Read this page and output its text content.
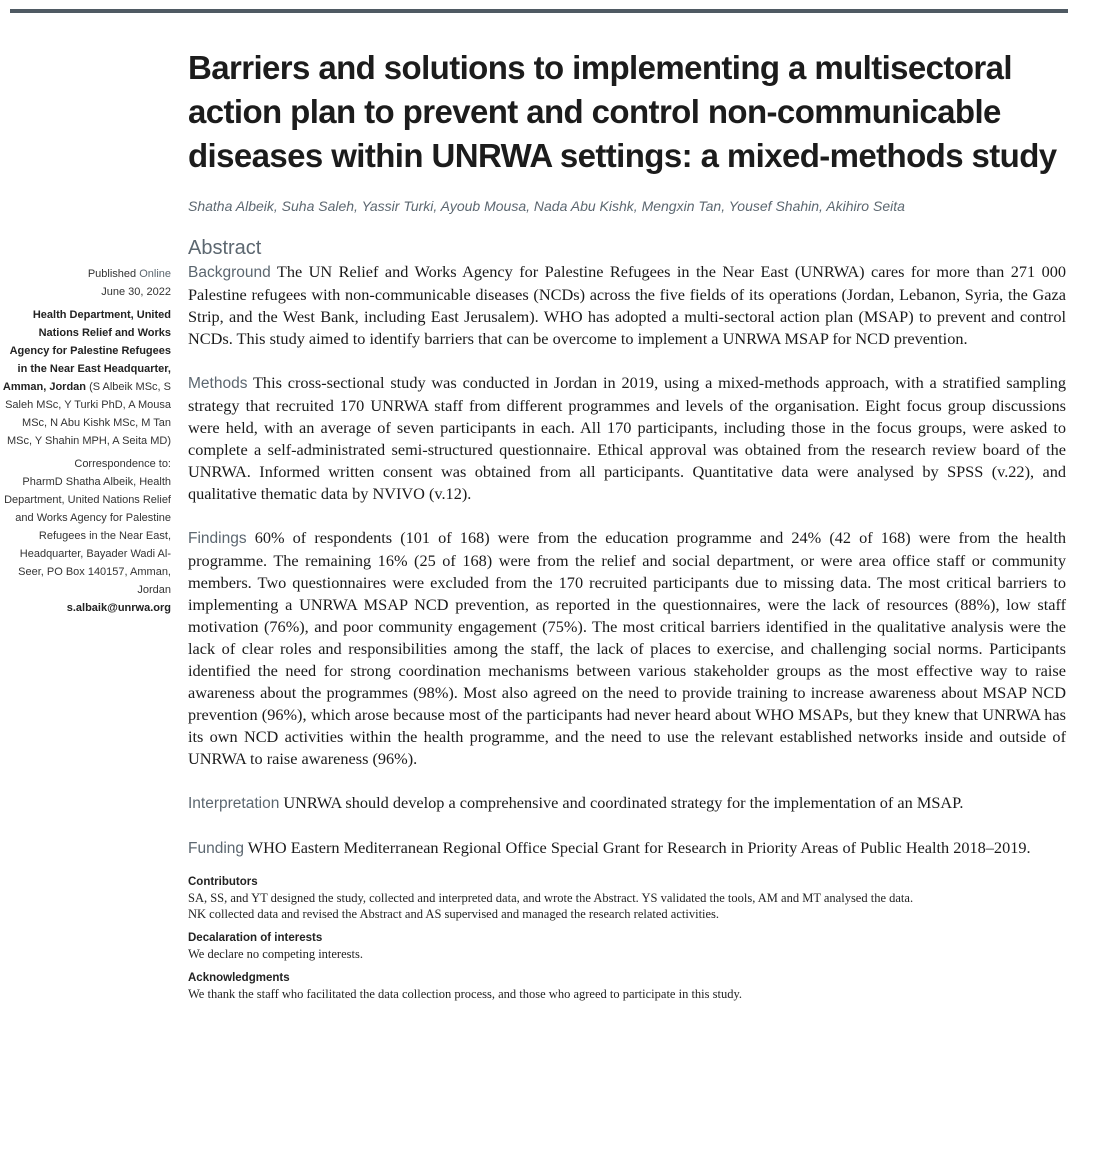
Barriers and solutions to implementing a multisectoral action plan to prevent and control non-communicable diseases within UNRWA settings: a mixed-methods study
Shatha Albeik, Suha Saleh, Yassir Turki, Ayoub Mousa, Nada Abu Kishk, Mengxin Tan, Yousef Shahin, Akihiro Seita
Abstract
Published Online
June 30, 2022
Health Department, United Nations Relief and Works Agency for Palestine Refugees in the Near East Headquarter, Amman, Jordan (S Albeik MSc, S Saleh MSc, Y Turki PhD, A Mousa MSc, N Abu Kishk MSc, M Tan MSc, Y Shahin MPH, A Seita MD)
Correspondence to:
PharmD Shatha Albeik, Health Department, United Nations Relief and Works Agency for Palestine Refugees in the Near East, Headquarter, Bayader Wadi Al-Seer, PO Box 140157, Amman, Jordan
s.albaik@unrwa.org

Background The UN Relief and Works Agency for Palestine Refugees in the Near East (UNRWA) cares for more than 271 000 Palestine refugees with non-communicable diseases (NCDs) across the five fields of its operations (Jordan, Lebanon, Syria, the Gaza Strip, and the West Bank, including East Jerusalem). WHO has adopted a multi-sectoral action plan (MSAP) to prevent and control NCDs. This study aimed to identify barriers that can be overcome to implement a UNRWA MSAP for NCD prevention.

Methods This cross-sectional study was conducted in Jordan in 2019, using a mixed-methods approach, with a stratified sampling strategy that recruited 170 UNRWA staff from different programmes and levels of the organisation. Eight focus group discussions were held, with an average of seven participants in each. All 170 participants, including those in the focus groups, were asked to complete a self-administrated semi-structured questionnaire. Ethical approval was obtained from the research review board of the UNRWA. Informed written consent was obtained from all participants. Quantitative data were analysed by SPSS (v.22), and qualitative thematic data by NVIVO (v.12).

Findings 60% of respondents (101 of 168) were from the education programme and 24% (42 of 168) were from the health programme. The remaining 16% (25 of 168) were from the relief and social department, or were area office staff or community members. Two questionnaires were excluded from the 170 recruited participants due to missing data. The most critical barriers to implementing a UNRWA MSAP NCD prevention, as reported in the questionnaires, were the lack of resources (88%), low staff motivation (76%), and poor community engagement (75%). The most critical barriers identified in the qualitative analysis were the lack of clear roles and responsibilities among the staff, the lack of places to exercise, and challenging social norms. Participants identified the need for strong coordination mechanisms between various stakeholder groups as the most effective way to raise awareness about the programmes (98%). Most also agreed on the need to provide training to increase awareness about MSAP NCD prevention (96%), which arose because most of the participants had never heard about WHO MSAPs, but they knew that UNRWA has its own NCD activities within the health programme, and the need to use the relevant established networks inside and outside of UNRWA to raise awareness (96%).

Interpretation UNRWA should develop a comprehensive and coordinated strategy for the implementation of an MSAP.

Funding WHO Eastern Mediterranean Regional Office Special Grant for Research in Priority Areas of Public Health 2018–2019.

Contributors
SA, SS, and YT designed the study, collected and interpreted data, and wrote the Abstract. YS validated the tools, AM and MT analysed the data.
NK collected data and revised the Abstract and AS supervised and managed the research related activities.
Decalaration of interests
We declare no competing interests.
Acknowledgments
We thank the staff who facilitated the data collection process, and those who agreed to participate in this study.
